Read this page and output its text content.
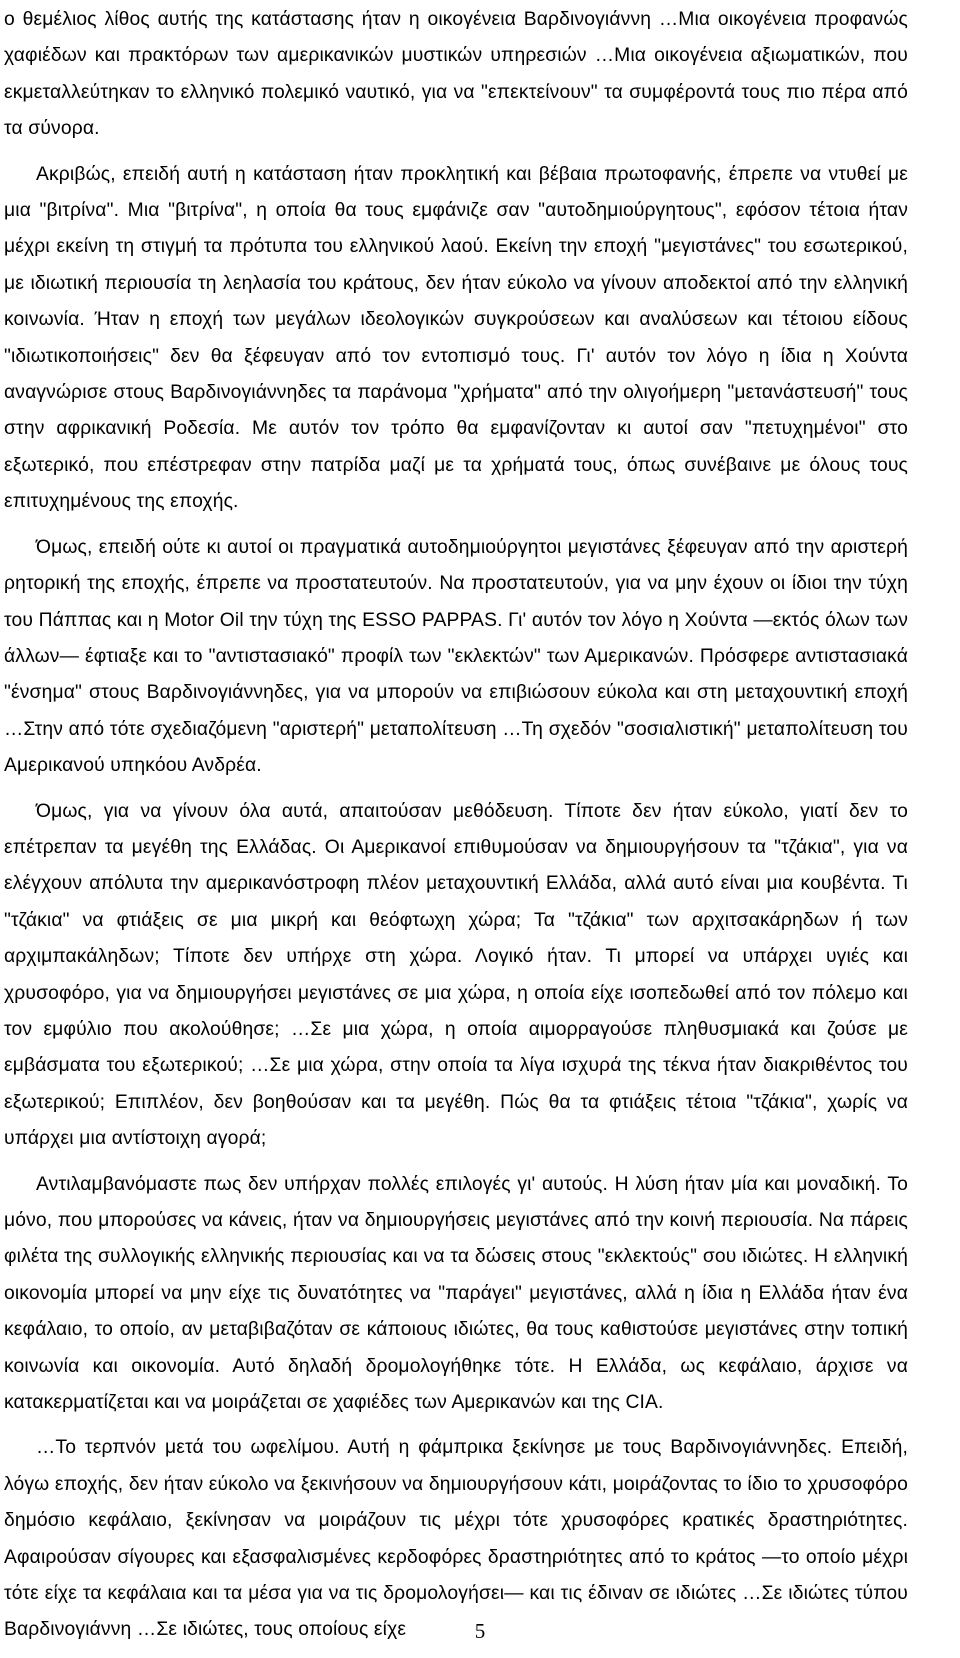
ο θεμέλιος λίθος αυτής της κατάστασης ήταν η οικογένεια Βαρδινογιάννη …Μια οικογένεια προφανώς χαφιέδων και πρακτόρων των αμερικανικών μυστικών υπηρεσιών …Μια οικογένεια αξιωματικών, που εκμεταλλεύτηκαν το ελληνικό πολεμικό ναυτικό, για να "επεκτείνουν" τα συμφέροντά τους πιο πέρα από τα σύνορα.

Ακριβώς, επειδή αυτή η κατάσταση ήταν προκλητική και βέβαια πρωτοφανής, έπρεπε να ντυθεί με μια "βιτρίνα". Μια "βιτρίνα", η οποία θα τους εμφάνιζε σαν "αυτοδημιούργητους", εφόσον τέτοια ήταν μέχρι εκείνη τη στιγμή τα πρότυπα του ελληνικού λαού. Εκείνη την εποχή "μεγιστάνες" του εσωτερικού, με ιδιωτική περιουσία τη λεηλασία του κράτους, δεν ήταν εύκολο να γίνουν αποδεκτοί από την ελληνική κοινωνία. Ήταν η εποχή των μεγάλων ιδεολογικών συγκρούσεων και αναλύσεων και τέτοιου είδους "ιδιωτικοποιήσεις" δεν θα ξέφευγαν από τον εντοπισμό τους. Γι' αυτόν τον λόγο η ίδια η Χούντα αναγνώρισε στους Βαρδινογιάννηδες τα παράνομα "χρήματα" από την ολιγοήμερη "μετανάστευσή" τους στην αφρικανική Ροδεσία. Με αυτόν τον τρόπο θα εμφανίζονταν κι αυτοί σαν "πετυχημένοι" στο εξωτερικό, που επέστρεφαν στην πατρίδα μαζί με τα χρήματά τους, όπως συνέβαινε με όλους τους επιτυχημένους της εποχής.

Όμως, επειδή ούτε κι αυτοί οι πραγματικά αυτοδημιούργητοι μεγιστάνες ξέφευγαν από την αριστερή ρητορική της εποχής, έπρεπε να προστατευτούν. Να προστατευτούν, για να μην έχουν οι ίδιοι την τύχη του Πάππας και η Motor Oil την τύχη της ESSO PAPPAS. Γι' αυτόν τον λόγο η Χούντα —εκτός όλων των άλλων— έφτιαξε και το "αντιστασιακό" προφίλ των "εκλεκτών" των Αμερικανών. Πρόσφερε αντιστασιακά "ένσημα" στους Βαρδινογιάννηδες, για να μπορούν να επιβιώσουν εύκολα και στη μεταχουντική εποχή …Στην από τότε σχεδιαζόμενη "αριστερή" μεταπολίτευση …Τη σχεδόν "σοσιαλιστική" μεταπολίτευση του Αμερικανού υπηκόου Ανδρέα.

Όμως, για να γίνουν όλα αυτά, απαιτούσαν μεθόδευση. Τίποτε δεν ήταν εύκολο, γιατί δεν το επέτρεπαν τα μεγέθη της Ελλάδας. Οι Αμερικανοί επιθυμούσαν να δημιουργήσουν τα "τζάκια", για να ελέγχουν απόλυτα την αμερικανόστροφη πλέον μεταχουντική Ελλάδα, αλλά αυτό είναι μια κουβέντα. Τι "τζάκια" να φτιάξεις σε μια μικρή και θεόφτωχη χώρα; Τα "τζάκια" των αρχιτσακάρηδων ή των αρχιμπακάληδων; Τίποτε δεν υπήρχε στη χώρα. Λογικό ήταν. Τι μπορεί να υπάρχει υγιές και χρυσοφόρο, για να δημιουργήσει μεγιστάνες σε μια χώρα, η οποία είχε ισοπεδωθεί από τον πόλεμο και τον εμφύλιο που ακολούθησε; …Σε μια χώρα, η οποία αιμορραγούσε πληθυσμιακά και ζούσε με εμβάσματα του εξωτερικού; …Σε μια χώρα, στην οποία τα λίγα ισχυρά της τέκνα ήταν διακριθέντος του εξωτερικού; Επιπλέον, δεν βοηθούσαν και τα μεγέθη. Πώς θα τα φτιάξεις τέτοια "τζάκια", χωρίς να υπάρχει μια αντίστοιχη αγορά;

Αντιλαμβανόμαστε πως δεν υπήρχαν πολλές επιλογές γι' αυτούς. Η λύση ήταν μία και μοναδική. Το μόνο, που μπορούσες να κάνεις, ήταν να δημιουργήσεις μεγιστάνες από την κοινή περιουσία. Να πάρεις φιλέτα της συλλογικής ελληνικής περιουσίας και να τα δώσεις στους "εκλεκτούς" σου ιδιώτες. Η ελληνική οικονομία μπορεί να μην είχε τις δυνατότητες να "παράγει" μεγιστάνες, αλλά η ίδια η Ελλάδα ήταν ένα κεφάλαιο, το οποίο, αν μεταβιβαζόταν σε κάποιους ιδιώτες, θα τους καθιστούσε μεγιστάνες στην τοπική κοινωνία και οικονομία. Αυτό δηλαδή δρομολογήθηκε τότε. Η Ελλάδα, ως κεφάλαιο, άρχισε να κατακερματίζεται και να μοιράζεται σε χαφιέδες των Αμερικανών και της CIA.

…Το τερπνόν μετά του ωφελίμου. Αυτή η φάμπρικα ξεκίνησε με τους Βαρδινογιάννηδες. Επειδή, λόγω εποχής, δεν ήταν εύκολο να ξεκινήσουν να δημιουργήσουν κάτι, μοιράζοντας το ίδιο το χρυσοφόρο δημόσιο κεφάλαιο, ξεκίνησαν να μοιράζουν τις μέχρι τότε χρυσοφόρες κρατικές δραστηριότητες. Αφαιρούσαν σίγουρες και εξασφαλισμένες κερδοφόρες δραστηριότητες από το κράτος —το οποίο μέχρι τότε είχε τα κεφάλαια και τα μέσα για να τις δρομολογήσει— και τις έδιναν σε ιδιώτες …Σε ιδιώτες τύπου Βαρδινογιάννη …Σε ιδιώτες, τους οποίους είχε	5
